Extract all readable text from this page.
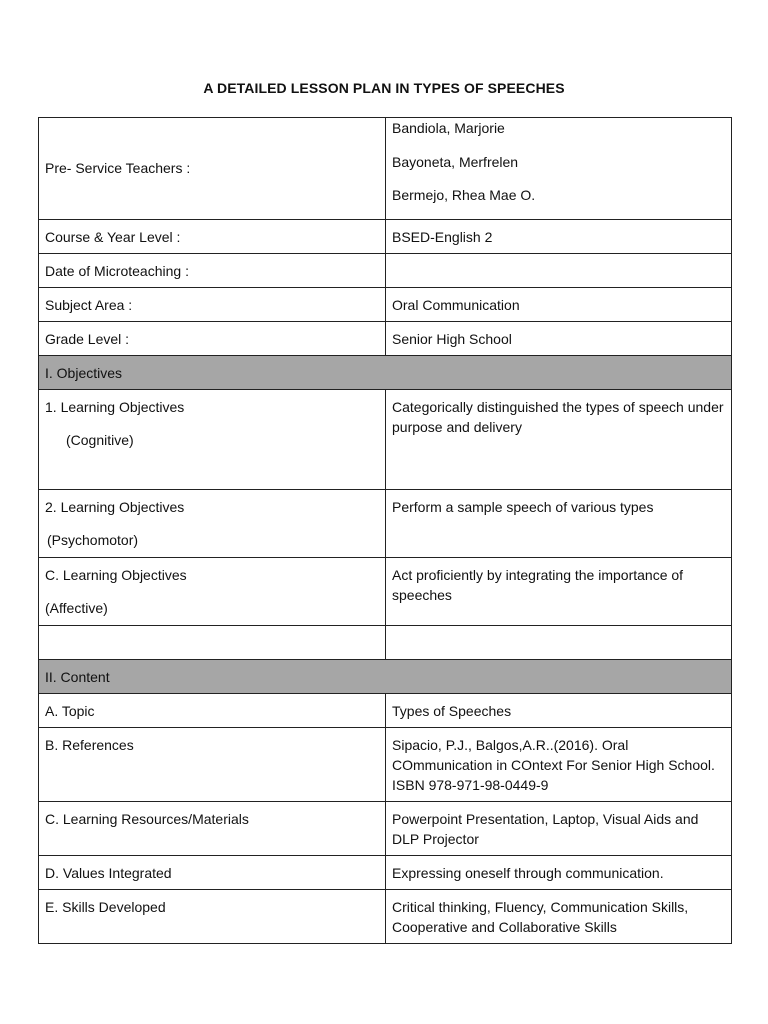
A DETAILED LESSON PLAN IN TYPES OF SPEECHES
Pre- Service Teachers :	Bandiola, Marjorie
Bayoneta, Merfrelen
Bermejo, Rhea Mae O.

Course & Year Level :	BSED-English 2
Date of Microteaching :	
Subject Area :	Oral Communication
Grade Level :	Senior High School
I. Objectives	

1. Learning Objectives
(Cognitive)	Categorically distinguished the types of speech under purpose and delivery

2. Learning Objectives
(Psychomotor)	Perform a sample speech of various types

C. Learning Objectives
(Affective)	Act proficiently by integrating the importance of speeches

II. Content	
A. Topic	Types of Speeches
B. References	Sipacio, P.J., Balgos,A.R..(2016). Oral COmmunication in COntext For Senior High School. ISBN 978-971-98-0449-9
C. Learning Resources/Materials	Powerpoint Presentation, Laptop, Visual Aids and DLP Projector
D. Values Integrated	Expressing oneself through communication.
E. Skills Developed	Critical thinking, Fluency, Communication Skills, Cooperative and Collaborative Skills
